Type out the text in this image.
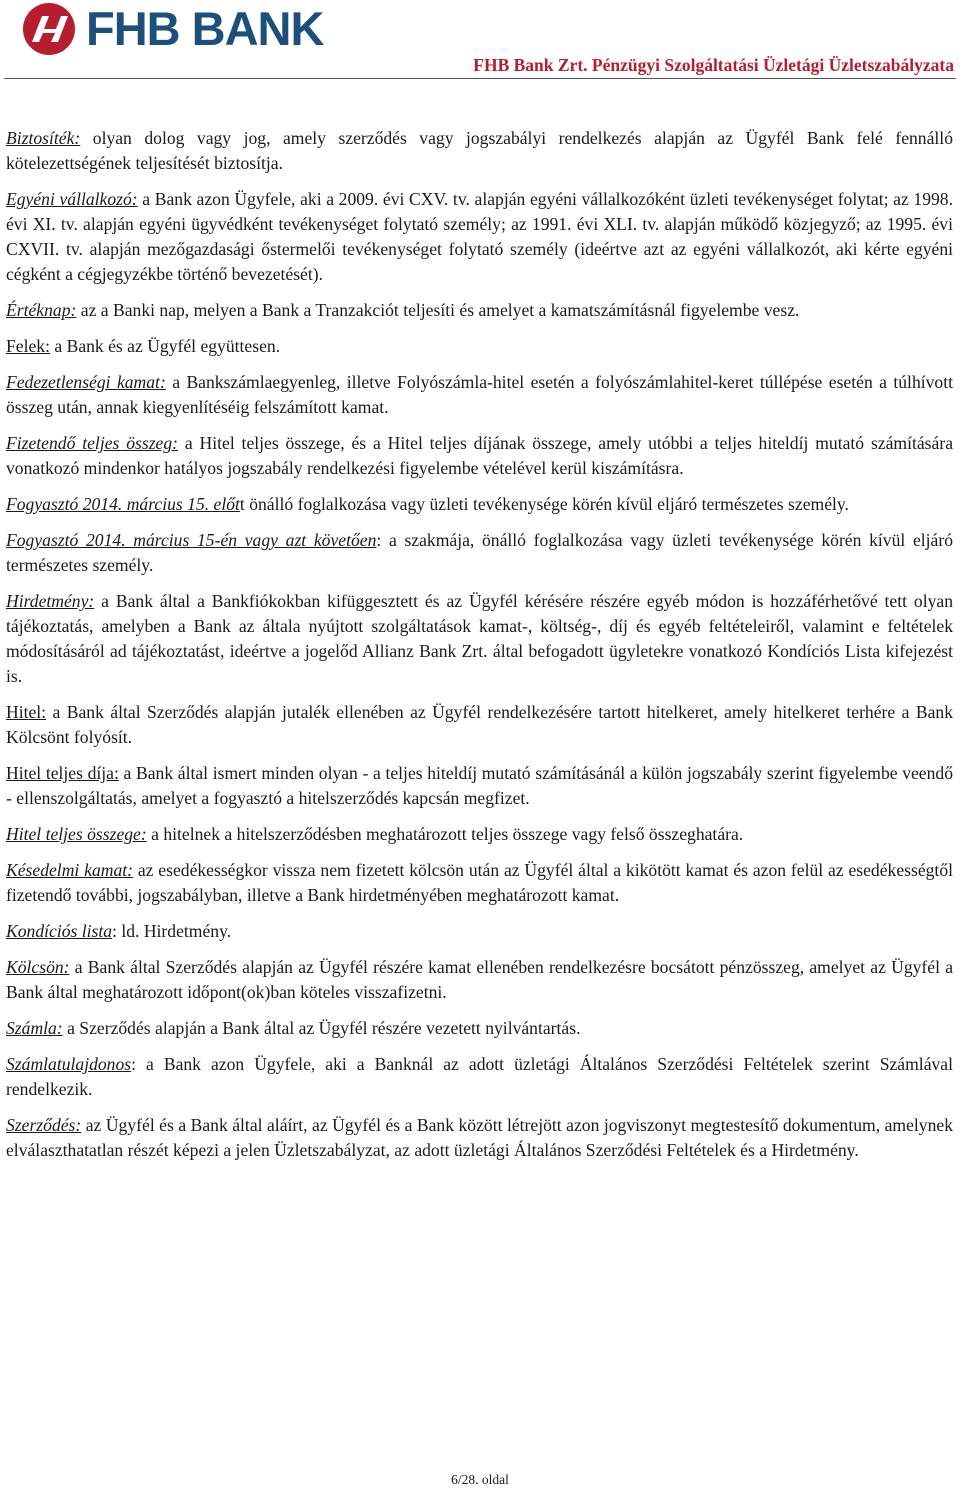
FHB BANK
FHB Bank Zrt. Pénzügyi Szolgáltatási Üzletági Üzletszabályzata

Biztosíték: olyan dolog vagy jog, amely szerződés vagy jogszabályi rendelkezés alapján az Ügyfél Bank felé fennálló kötelezettségének teljesítését biztosítja.

Egyéni vállalkozó: a Bank azon Ügyfele, aki a 2009. évi CXV. tv. alapján egyéni vállalkozóként üzleti tevékenységet folytat; az 1998. évi XI. tv. alapján egyéni ügyvédként tevékenységet folytató személy; az 1991. évi XLI. tv. alapján működő közjegyző; az 1995. évi CXVII. tv. alapján mezőgazdasági őstermelői tevékenységet folytató személy (ideértve azt az egyéni vállalkozót, aki kérte egyéni cégként a cégjegyzékbe történő bevezetését).

Értéknap: az a Banki nap, melyen a Bank a Tranzakciót teljesíti és amelyet a kamatszámításnál figyelembe vesz.

Felek: a Bank és az Ügyfél együttesen.

Fedezetlenségi kamat: a Bankszámlaegyenleg, illetve Folyószámla-hitel esetén a folyószámlahitel-keret túllépése esetén a túlhívott összeg után, annak kiegyenlítéséig felszámított kamat.

Fizetendő teljes összeg: a Hitel teljes összege, és a Hitel teljes díjának összege, amely utóbbi a teljes hiteldíj mutató számítására vonatkozó mindenkor hatályos jogszabály rendelkezési figyelembe vételével kerül kiszámításra.

Fogyasztó 2014. március 15. előtt önálló foglalkozása vagy üzleti tevékenysége körén kívül eljáró természetes személy.

Fogyasztó 2014. március 15-én vagy azt követően: a szakmája, önálló foglalkozása vagy üzleti tevékenysége körén kívül eljáró természetes személy.

Hirdetmény: a Bank által a Bankfiókokban kifüggesztett és az Ügyfél kérésére részére egyéb módon is hozzáférhetővé tett olyan tájékoztatás, amelyben a Bank az általa nyújtott szolgáltatások kamat-, költség-, díj és egyéb feltételeiről, valamint e feltételek módosításáról ad tájékoztatást, ideértve a jogelőd Allianz Bank Zrt. által befogadott ügyletekre vonatkozó Kondíciós Lista kifejezést is.

Hitel: a Bank által Szerződés alapján jutalék ellenében az Ügyfél rendelkezésére tartott hitelkeret, amely hitelkeret terhére a Bank Kölcsönt folyósít.

Hitel teljes díja: a Bank által ismert minden olyan - a teljes hiteldíj mutató számításánál a külön jogszabály szerint figyelembe veendő - ellenszolgáltatás, amelyet a fogyasztó a hitelszerződés kapcsán megfizet.

Hitel teljes összege: a hitelnek a hitelszerződésben meghatározott teljes összege vagy felső összeghatára.

Késedelmi kamat: az esedékességkor vissza nem fizetett kölcsön után az Ügyfél által a kikötött kamat és azon felül az esedékességtől fizetendő további, jogszabályban, illetve a Bank hirdetményében meghatározott kamat.

Kondíciós lista: ld. Hirdetmény.

Kölcsön: a Bank által Szerződés alapján az Ügyfél részére kamat ellenében rendelkezésre bocsátott pénzösszeg, amelyet az Ügyfél a Bank által meghatározott időpont(ok)ban köteles visszafizetni.

Számla: a Szerződés alapján a Bank által az Ügyfél részére vezetett nyilvántartás.

Számlatulajdonos: a Bank azon Ügyfele, aki a Banknál az adott üzletági Általános Szerződési Feltételek szerint Számlával rendelkezik.

Szerződés: az Ügyfél és a Bank által aláírt, az Ügyfél és a Bank között létrejött azon jogviszonyt megtestesítő dokumentum, amelynek elválaszthatatlan részét képezi a jelen Üzletszabályzat, az adott üzletági Általános Szerződési Feltételek és a Hirdetmény.

6/28. oldal
